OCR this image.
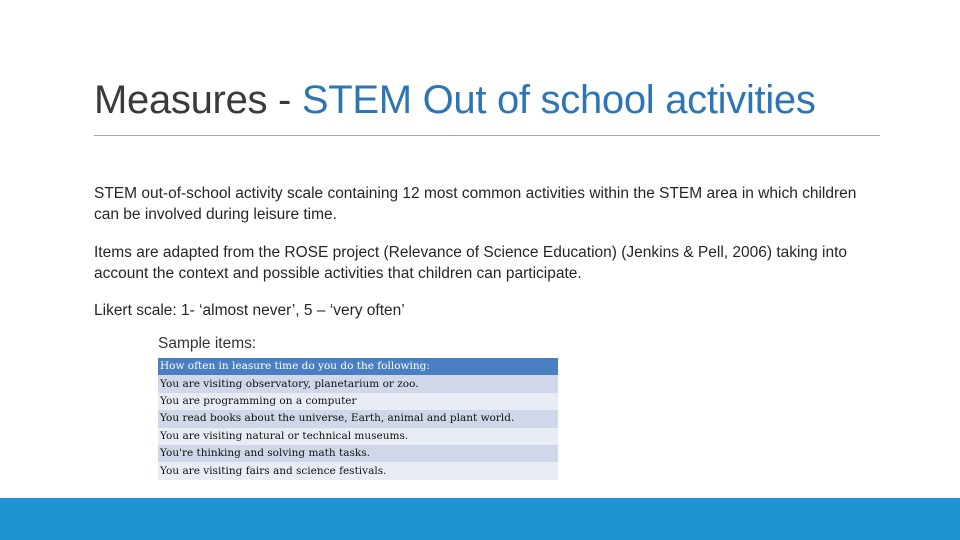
Measures - STEM Out of school activities

STEM out-of-school activity scale containing 12 most common activities within the STEM area in which children can be involved during leisure time.

Items are adapted from the ROSE project (Relevance of Science Education) (Jenkins & Pell, 2006) taking into account the context and possible activities that children can participate.

Likert scale: 1- ‘almost never’, 5 – ‘very often’

Sample items:
How often in leasure time do you do the following:
You are visiting observatory, planetarium or zoo.
You are programming on a computer
You read books about the universe, Earth, animal and plant world.
You are visiting natural or technical museums.
You're thinking and solving math tasks.
You are visiting fairs and science festivals.
